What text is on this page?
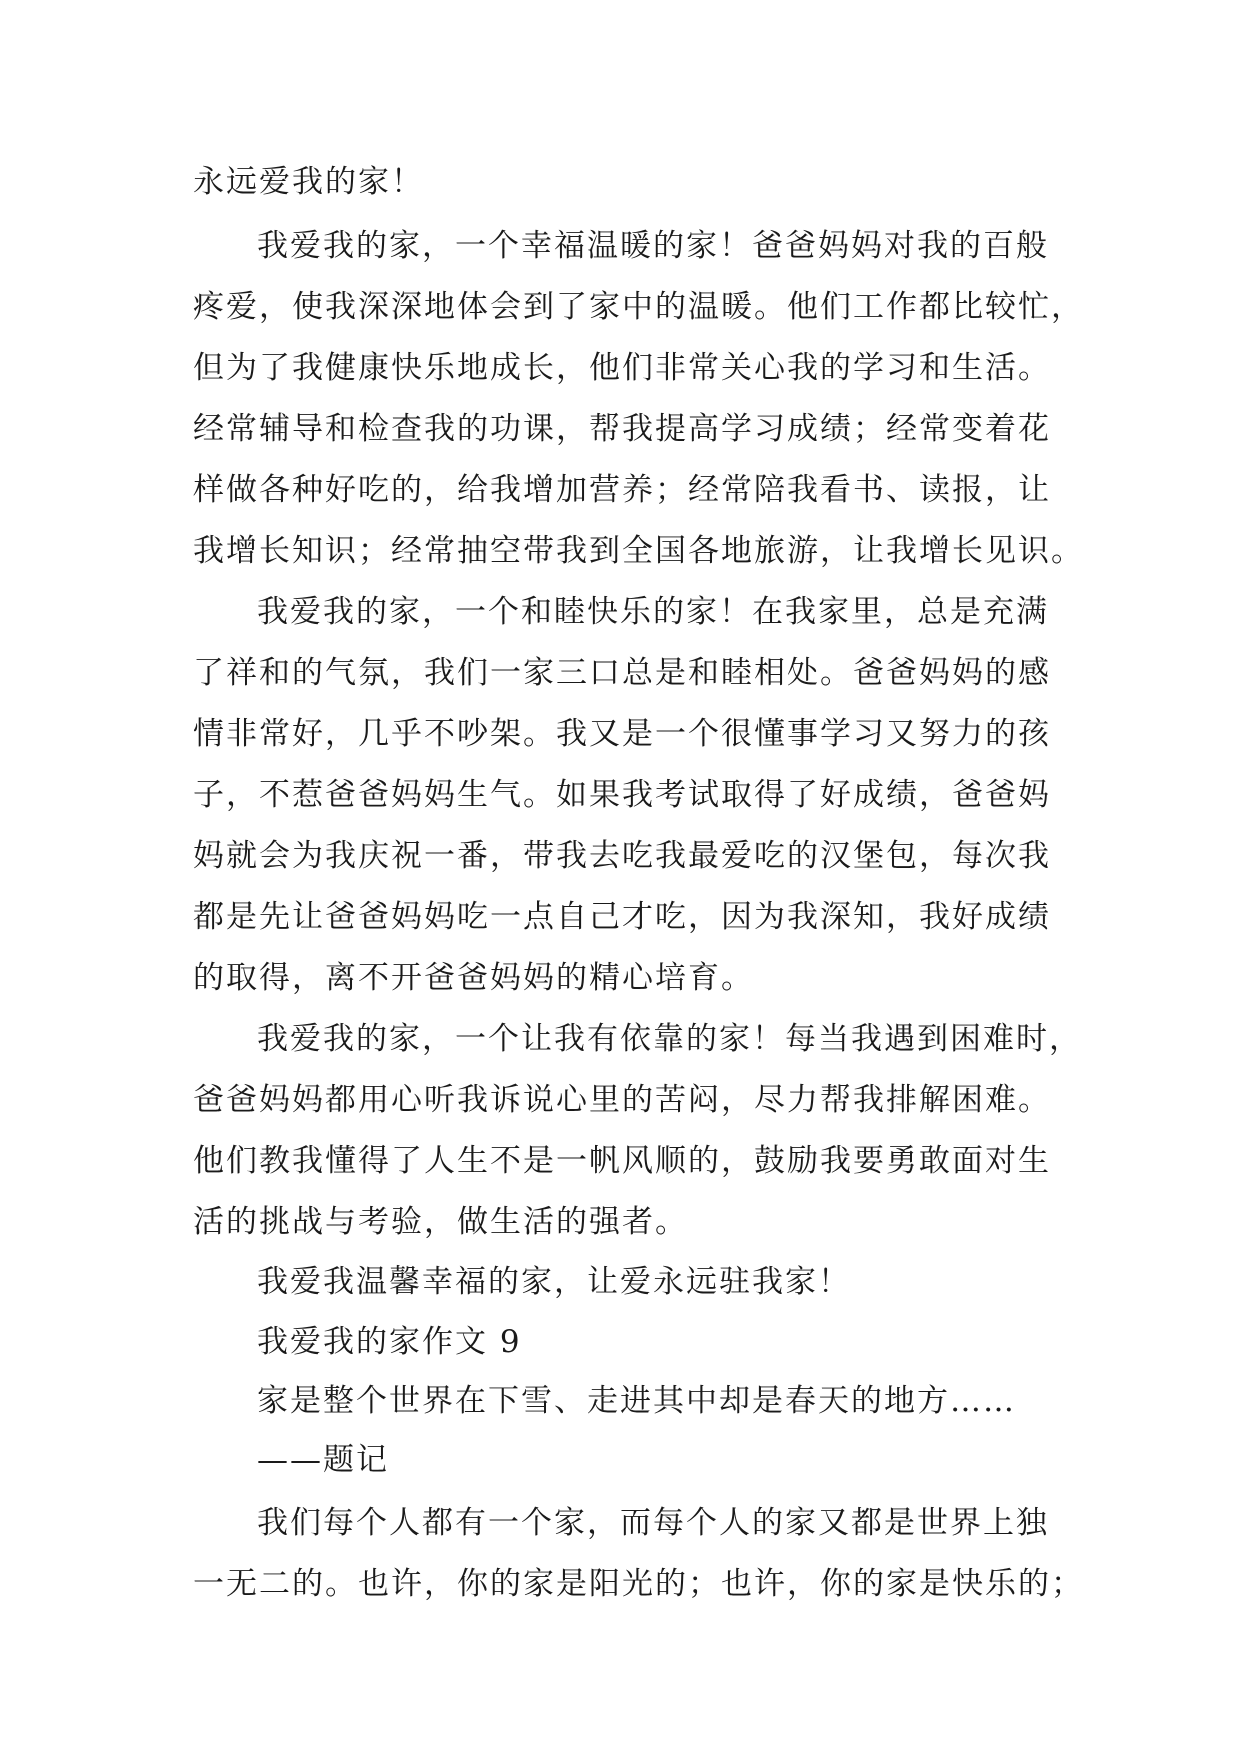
永远爱我的家！
我爱我的家，一个幸福温暖的家！爸爸妈妈对我的百般
疼爱，使我深深地体会到了家中的温暖。他们工作都比较忙，
但为了我健康快乐地成长，他们非常关心我的学习和生活。
经常辅导和检查我的功课，帮我提高学习成绩；经常变着花
样做各种好吃的，给我增加营养；经常陪我看书、读报，让
我增长知识；经常抽空带我到全国各地旅游，让我增长见识。
我爱我的家，一个和睦快乐的家！在我家里，总是充满
了祥和的气氛，我们一家三口总是和睦相处。爸爸妈妈的感
情非常好，几乎不吵架。我又是一个很懂事学习又努力的孩
子，不惹爸爸妈妈生气。如果我考试取得了好成绩，爸爸妈
妈就会为我庆祝一番，带我去吃我最爱吃的汉堡包，每次我
都是先让爸爸妈妈吃一点自己才吃，因为我深知，我好成绩
的取得，离不开爸爸妈妈的精心培育。
我爱我的家，一个让我有依靠的家！每当我遇到困难时，
爸爸妈妈都用心听我诉说心里的苦闷，尽力帮我排解困难。
他们教我懂得了人生不是一帆风顺的，鼓励我要勇敢面对生
活的挑战与考验，做生活的强者。
我爱我温馨幸福的家，让爱永远驻我家！
我爱我的家作文 9
家是整个世界在下雪、走进其中却是春天的地方……
——题记
我们每个人都有一个家，而每个人的家又都是世界上独
一无二的。也许，你的家是阳光的；也许，你的家是快乐的；
